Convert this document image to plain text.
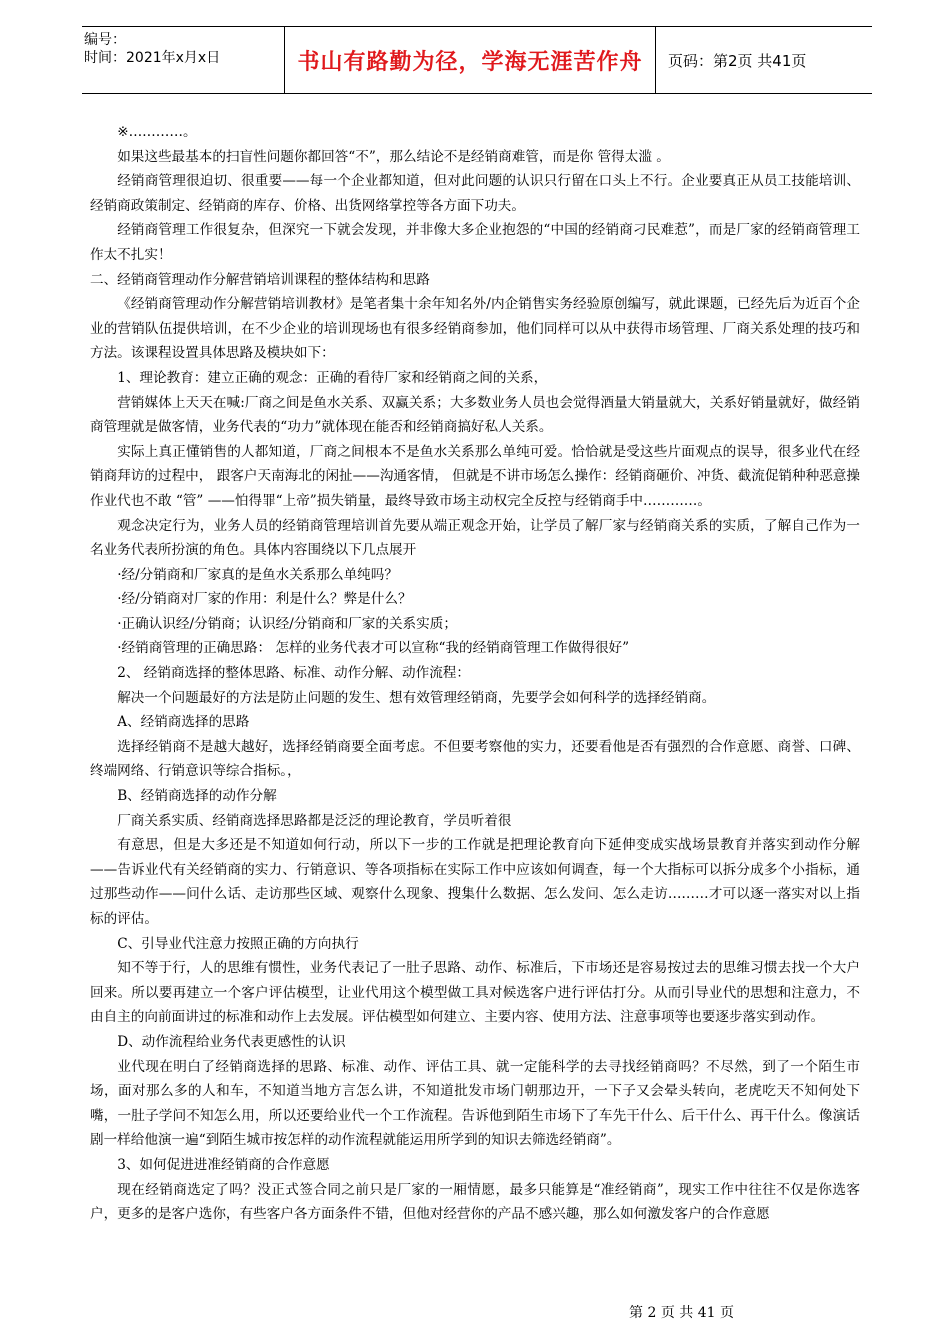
编号：
时间：2021年x月x日	书山有路勤为径，学海无涯苦作舟	页码：第2页 共41页

※…………。

如果这些最基本的扫盲性问题你都回答“不”，那么结论不是经销商难管，而是你 管得太滥 。

经销商管理很迫切、很重要——每一个企业都知道，但对此问题的认识只行留在口头上不行。企业要真正从员工技能培训、经销商政策制定、经销商的库存、价格、出货网络掌控等各方面下功夫。

经销商管理工作很复杂，但深究一下就会发现，并非像大多企业抱怨的“中国的经销商刁民难惹”，而是厂家的经销商管理工作太不扎实！

二、经销商管理动作分解营销培训课程的整体结构和思路

《经销商管理动作分解营销培训教材》是笔者集十余年知名外/内企销售实务经验原创编写，就此课题，已经先后为近百个企业的营销队伍提供培训，在不少企业的培训现场也有很多经销商参加，他们同样可以从中获得市场管理、厂商关系处理的技巧和方法。该课程设置具体思路及模块如下：

1、理论教育：建立正确的观念：正确的看待厂家和经销商之间的关系，

营销媒体上天天在喊:厂商之间是鱼水关系、双赢关系；大多数业务人员也会觉得酒量大销量就大，关系好销量就好，做经销商管理就是做客情，业务代表的“功力”就体现在能否和经销商搞好私人关系。

实际上真正懂销售的人都知道，厂商之间根本不是鱼水关系那么单纯可爱。恰恰就是受这些片面观点的误导，很多业代在经销商拜访的过程中， 跟客户天南海北的闲扯——沟通客情， 但就是不讲市场怎么操作：经销商砸价、冲货、截流促销种种恶意操作业代也不敢 “管” ——怕得罪“上帝”损失销量，最终导致市场主动权完全反控与经销商手中…………。

观念决定行为，业务人员的经销商管理培训首先要从端正观念开始，让学员了解厂家与经销商关系的实质，了解自己作为一名业务代表所扮演的角色。具体内容围绕以下几点展开

·经/分销商和厂家真的是鱼水关系那么单纯吗？

·经/分销商对厂家的作用：利是什么？弊是什么？

·正确认识经/分销商；认识经/分销商和厂家的关系实质；

·经销商管理的正确思路： 怎样的业务代表才可以宣称“我的经销商管理工作做得很好”

2、 经销商选择的整体思路、标准、动作分解、动作流程：

解决一个问题最好的方法是防止问题的发生、想有效管理经销商，先要学会如何科学的选择经销商。

A、经销商选择的思路

选择经销商不是越大越好，选择经销商要全面考虑。不但要考察他的实力，还要看他是否有强烈的合作意愿、商誉、口碑、终端网络、行销意识等综合指标。，

B、经销商选择的动作分解

厂商关系实质、经销商选择思路都是泛泛的理论教育，学员听着很

有意思，但是大多还是不知道如何行动，所以下一步的工作就是把理论教育向下延伸变成实战场景教育并落实到动作分解——告诉业代有关经销商的实力、行销意识、等各项指标在实际工作中应该如何调查，每一个大指标可以拆分成多个小指标，通过那些动作——问什么话、走访那些区域、观察什么现象、搜集什么数据、怎么发问、怎么走访………才可以逐一落实对以上指标的评估。

C、引导业代注意力按照正确的方向执行

知不等于行，人的思维有惯性，业务代表记了一肚子思路、动作、标准后，下市场还是容易按过去的思维习惯去找一个大户回来。所以要再建立一个客户评估模型，让业代用这个模型做工具对候选客户进行评估打分。从而引导业代的思想和注意力，不由自主的向前面讲过的标准和动作上去发展。评估模型如何建立、主要内容、使用方法、注意事项等也要逐步落实到动作。

D、动作流程给业务代表更感性的认识

业代现在明白了经销商选择的思路、标准、动作、评估工具、就一定能科学的去寻找经销商吗？不尽然，到了一个陌生市场，面对那么多的人和车，不知道当地方言怎么讲，不知道批发市场门朝那边开，一下子又会晕头转向，老虎吃天不知何处下嘴，一肚子学问不知怎么用，所以还要给业代一个工作流程。告诉他到陌生市场下了车先干什么、后干什么、再干什么。像演话剧一样给他演一遍“到陌生城市按怎样的动作流程就能运用所学到的知识去筛选经销商”。

3、如何促进进准经销商的合作意愿

现在经销商选定了吗？没正式签合同之前只是厂家的一厢情愿，最多只能算是“准经销商”，现实工作中往往不仅是你选客户，更多的是客户选你，有些客户各方面条件不错，但他对经营你的产品不感兴趣，那么如何激发客户的合作意愿

第 2 页 共 41 页
